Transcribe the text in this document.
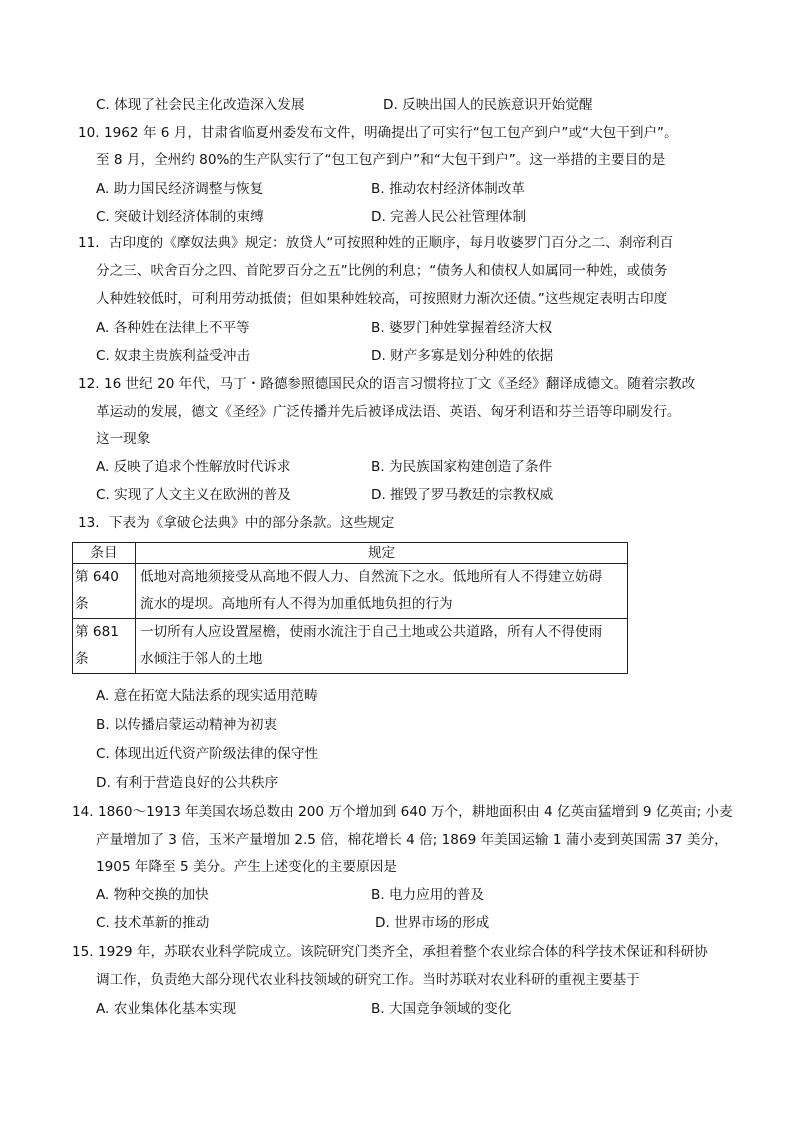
C. 体现了社会民主化改造深入发展	D. 反映出国人的民族意识开始觉醒
10. 1962 年 6 月，甘肃省临夏州委发布文件，明确提出了可实行“包工包产到户”或“大包干到户”。
至 8 月，全州约 80%的生产队实行了“包工包产到户”和“大包干到户”。这一举措的主要目的是
A. 助力国民经济调整与恢复	B. 推动农村经济体制改革
C. 突破计划经济体制的束缚	D. 完善人民公社管理体制
11．古印度的《摩奴法典》规定：放贷人“可按照种姓的正顺序，每月收婆罗门百分之二、刹帝利百
分之三、吠舍百分之四、首陀罗百分之五”比例的利息；“债务人和债权人如属同一种姓，或债务
人种姓较低时，可利用劳动抵债；但如果种姓较高，可按照财力渐次还债。”这些规定表明古印度
A. 各种姓在法律上不平等	B. 婆罗门种姓掌握着经济大权
C. 奴隶主贵族利益受冲击	D. 财产多寡是划分种姓的依据
12. 16 世纪 20 年代，马丁・路德参照德国民众的语言习惯将拉丁文《圣经》翻译成德文。随着宗教改
革运动的发展，德文《圣经》广泛传播并先后被译成法语、英语、匈牙利语和芬兰语等印刷发行。
这一现象
A. 反映了追求个性解放时代诉求	B. 为民族国家构建创造了条件
C. 实现了人文主义在欧洲的普及	D. 摧毁了罗马教廷的宗教权威
13．下表为《拿破仑法典》中的部分条款。这些规定
条目	规定
第 640 条	低地对高地须接受从高地不假人力、自然流下之水。低地所有人不得建立妨碍
流水的堤坝。高地所有人不得为加重低地负担的行为

第 681 条	一切所有人应设置屋檐，使雨水流注于自己土地或公共道路，所有人不得使雨
水倾注于邻人的土地
A. 意在拓宽大陆法系的现实适用范畴
B. 以传播启蒙运动精神为初衷
C. 体现出近代资产阶级法律的保守性
D. 有利于营造良好的公共秩序
14. 1860～1913 年美国农场总数由 200 万个增加到 640 万个，耕地面积由 4 亿英亩猛增到 9 亿英亩; 小麦
产量增加了 3 倍，玉米产量增加 2.5 倍，棉花增长 4 倍; 1869 年美国运输 1 蒲小麦到英国需 37 美分，
1905 年降至 5 美分。产生上述变化的主要原因是
A. 物种交换的加快	B. 电力应用的普及
C. 技术革新的推动	D. 世界市场的形成
15. 1929 年，苏联农业科学院成立。该院研究门类齐全，承担着整个农业综合体的科学技术保证和科研协
调工作，负责绝大部分现代农业科技领域的研究工作。当时苏联对农业科研的重视主要基于
A. 农业集体化基本实现	B. 大国竞争领域的变化
